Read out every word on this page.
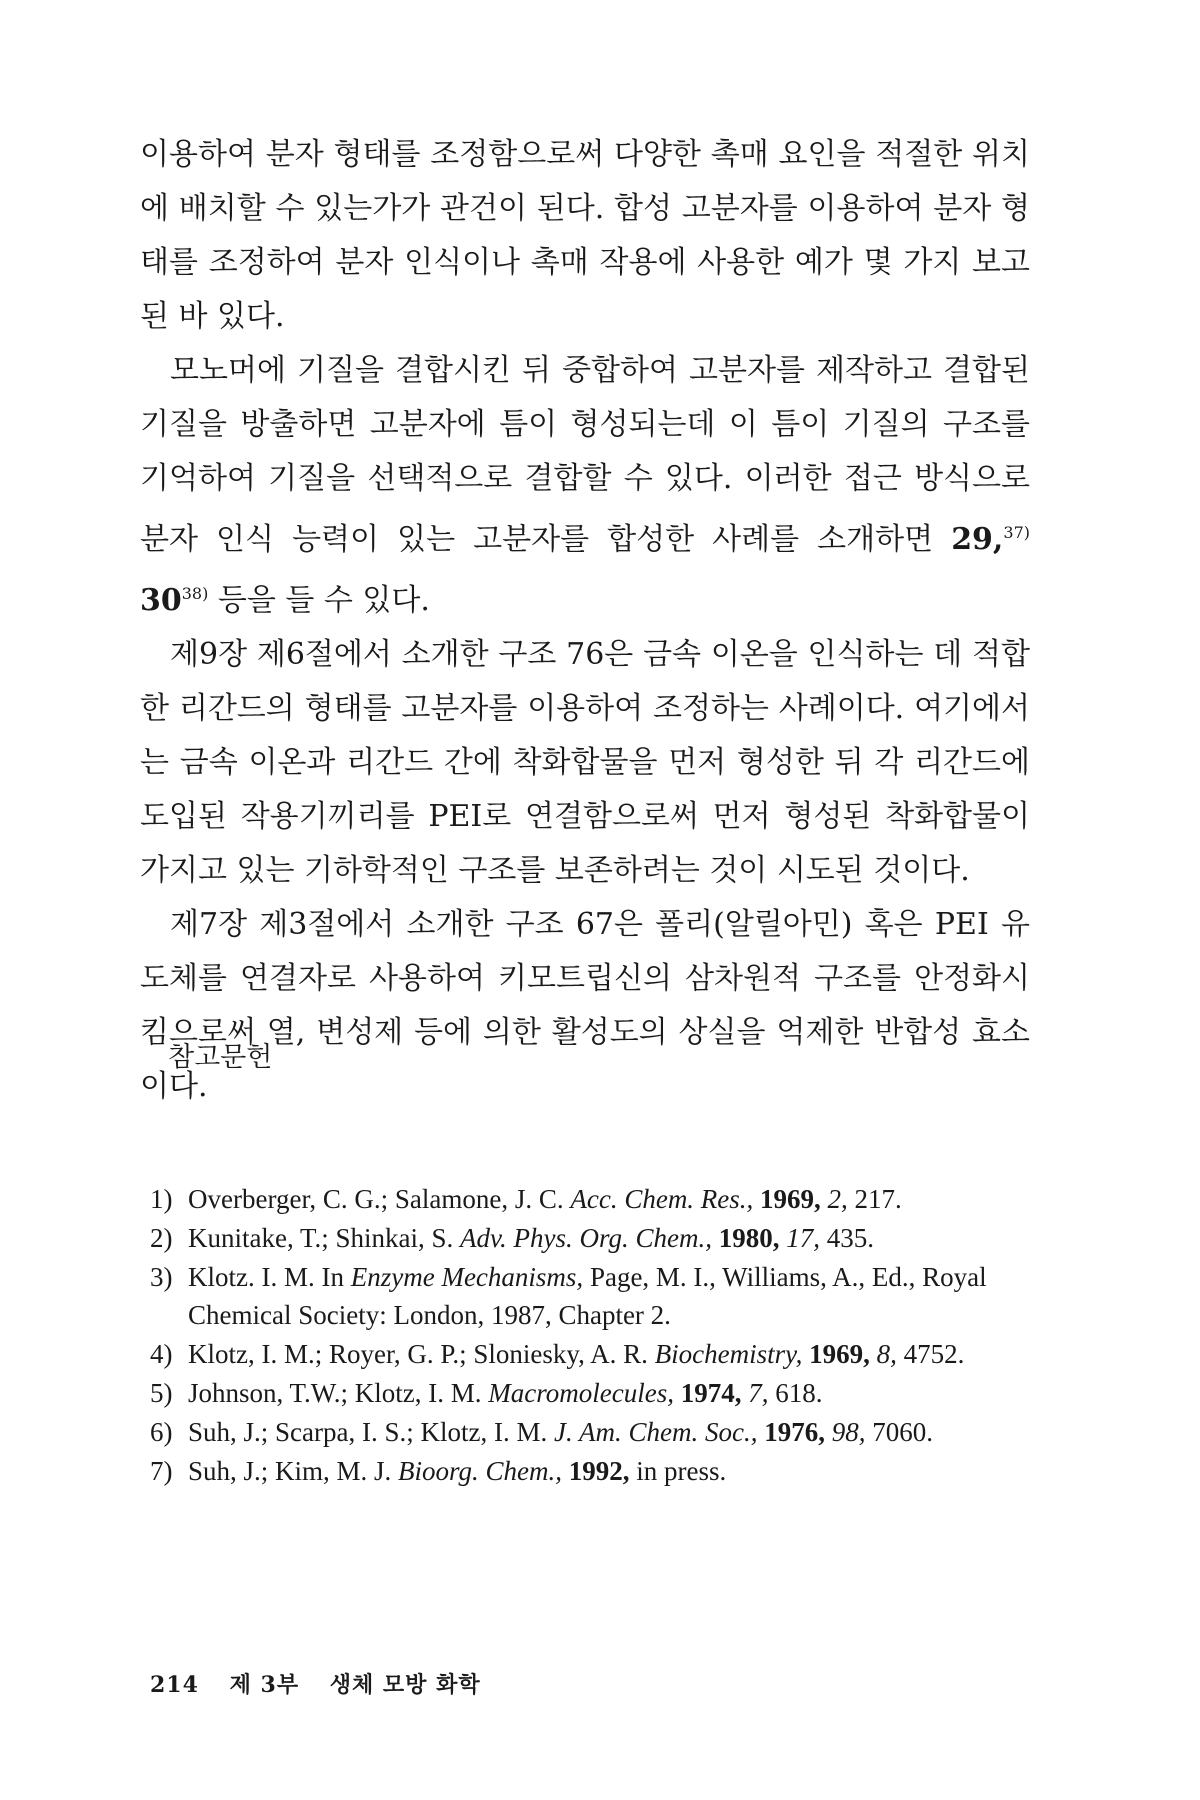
이용하여 분자 형태를 조정함으로써 다양한 촉매 요인을 적절한 위치에 배치할 수 있는가가 관건이 된다. 합성 고분자를 이용하여 분자 형태를 조정하여 분자 인식이나 촉매 작용에 사용한 예가 몇 가지 보고된 바 있다.

모노머에 기질을 결합시킨 뒤 중합하여 고분자를 제작하고 결합된 기질을 방출하면 고분자에 틈이 형성되는데 이 틈이 기질의 구조를 기억하여 기질을 선택적으로 결합할 수 있다. 이러한 접근 방식으로 분자 인식 능력이 있는 고분자를 합성한 사례를 소개하면 29,$^{37)}$ 30$^{38)}$ 등을 들 수 있다.

제9장 제6절에서 소개한 구조 76은 금속 이온을 인식하는 데 적합한 리간드의 형태를 고분자를 이용하여 조정하는 사례이다. 여기에서는 금속 이온과 리간드 간에 착화합물을 먼저 형성한 뒤 각 리간드에 도입된 작용기끼리를 PEI로 연결함으로써 먼저 형성된 착화합물이 가지고 있는 기하학적인 구조를 보존하려는 것이 시도된 것이다.

제7장 제3절에서 소개한 구조 67은 폴리(알릴아민) 혹은 PEI 유도체를 연결자로 사용하여 키모트립신의 삼차원적 구조를 안정화시킴으로써 열, 변성제 등에 의한 활성도의 상실을 억제한 반합성 효소이다.

참고문헌
1) Overberger, C. G.; Salamone, J. C. Acc. Chem. Res., 1969, 2, 217.
2) Kunitake, T.; Shinkai, S. Adv. Phys. Org. Chem., 1980, 17, 435.
3) Klotz. I. M. In Enzyme Mechanisms, Page, M. I., Williams, A., Ed., Royal Chemical Society: London, 1987, Chapter 2.
4) Klotz, I. M.; Royer, G. P.; Sloniesky, A. R. Biochemistry, 1969, 8, 4752.
5) Johnson, T.W.; Klotz, I. M. Macromolecules, 1974, 7, 618.
6) Suh, J.; Scarpa, I. S.; Klotz, I. M. J. Am. Chem. Soc., 1976, 98, 7060.
7) Suh, J.; Kim, M. J. Bioorg. Chem., 1992, in press.
214 제 3부 생체 모방 화학
